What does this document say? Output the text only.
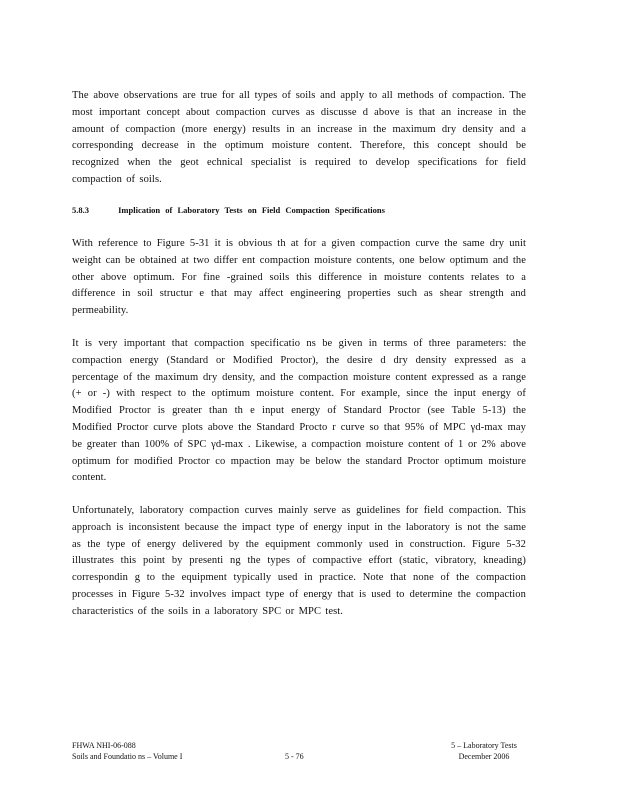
The above observations are true for all types of soils and apply to all methods of compaction. The most important concept about compaction curves as discusse d above is that an increase in the amount of compaction (more energy) results in an increase in the maximum dry density and a corresponding decrease in the optimum moisture content. Therefore, this concept should be recognized when the geot echnical specialist is required to develop specifications for field compaction of soils.

5.8.3	Implication of Laboratory Tests on Field Compaction Specifications

With reference to Figure 5-31 it is obvious th at for a given compaction curve the same dry unit weight can be obtained at two differ ent compaction moisture contents, one below optimum and the other above optimum. For fine -grained soils this difference in moisture contents relates to a difference in soil structur e that may affect engineering properties such as shear strength and permeability.

It is very important that compaction specificatio ns be given in terms of three parameters: the compaction energy (Standard or Modified Proctor), the desire d dry density expressed as a percentage of the maximum dry density, and the compaction moisture content expressed as a range (+ or -) with respect to the optimum moisture content. For example, since the input energy of Modified Proctor is greater than th e input energy of Standard Proctor (see Table 5-13) the Modified Proctor curve plots above the Standard Procto r curve so that 95% of MPC γd-max may be greater than 100% of SPC γd-max . Likewise, a compaction moisture content of 1 or 2% above optimum for modified Proctor co mpaction may be below the standard Proctor optimum moisture content.

Unfortunately, laboratory compaction curves mainly serve as guidelines for field compaction. This approach is inconsistent because the impact type of energy input in the laboratory is not the same as the type of energy delivered by the equipment commonly used in construction. Figure 5-32 illustrates this point by presenti ng the types of compactive effort (static, vibratory, kneading) correspondin g to the equipment typically used in practice. Note that none of the compaction processes in Figure 5-32 involves impact type of energy that is used to determine the compaction characteristics of the soils in a laboratory SPC or MPC test.

FHWA NHI-06-088
Soils and Foundatio ns – Volume I	5 - 76
5 – Laboratory Tests
December 2006
